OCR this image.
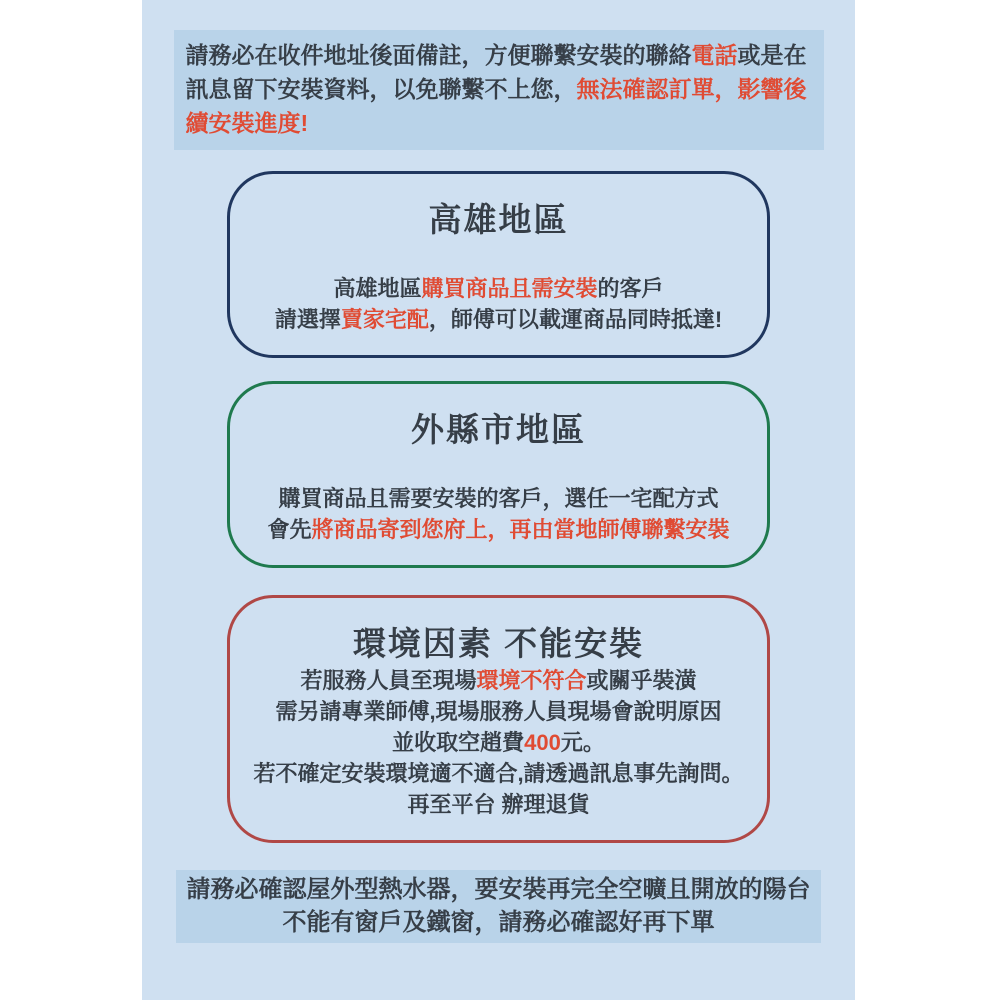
請務必在收件地址後面備註，方便聯繫安裝的聯絡電話或是在
訊息留下安裝資料，以免聯繫不上您，無法確認訂單，影響後
續安裝進度!
高雄地區
高雄地區購買商品且需安裝的客戶
請選擇賣家宅配，師傅可以載運商品同時抵達!
外縣市地區
購買商品且需要安裝的客戶，選任一宅配方式
會先將商品寄到您府上，再由當地師傅聯繫安裝
環境因素 不能安裝
若服務人員至現場環境不符合或關乎裝潢
需另請專業師傅,現場服務人員現場會說明原因
並收取空趙費400元。
若不確定安裝環境適不適合,請透過訊息事先詢問。
再至平台 辦理退貨
請務必確認屋外型熱水器，要安裝再完全空曠且開放的陽台
不能有窗戶及鐵窗，請務必確認好再下單
